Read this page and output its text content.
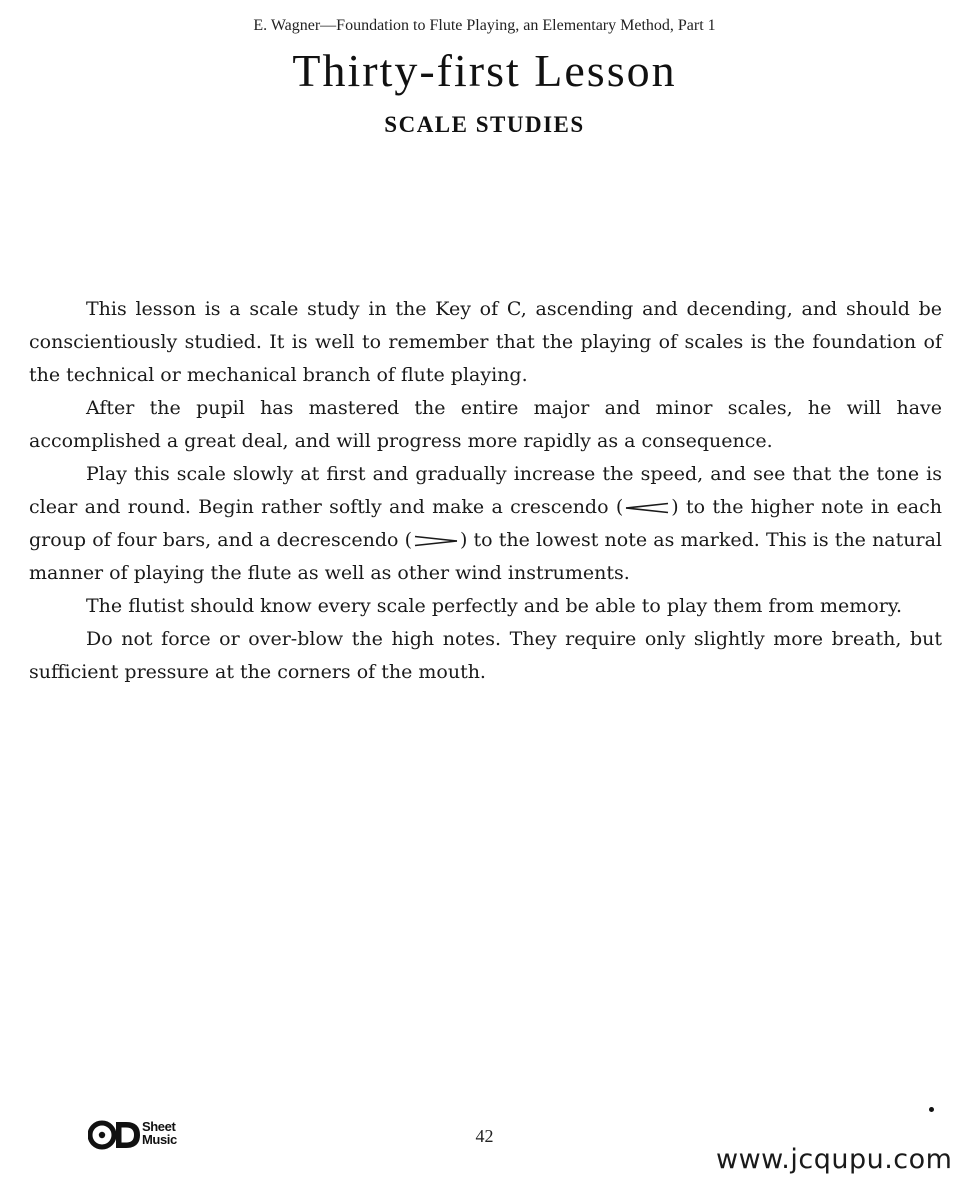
E. Wagner—Foundation to Flute Playing, an Elementary Method, Part 1
Thirty-first Lesson
SCALE STUDIES

This lesson is a scale study in the Key of C, ascending and decending, and should be conscientiously studied. It is well to remember that the playing of scales is the foundation of the technical or mechanical branch of flute playing.

After the pupil has mastered the entire major and minor scales, he will have accomplished a great deal, and will progress more rapidly as a consequence.

Play this scale slowly at first and gradually increase the speed, and see that the tone is clear and round. Begin rather softly and make a crescendo (	) to the higher note in each group of four bars, and a decrescendo (	) to the lowest note as marked. This is the natural manner of playing the flute as well as other wind instruments.

The flutist should know every scale perfectly and be able to play them from memory.

Do not force or over-blow the high notes. They require only slightly more breath, but sufficient pressure at the corners of the mouth.

Sheet
Music	42
www.jcqupu.com
